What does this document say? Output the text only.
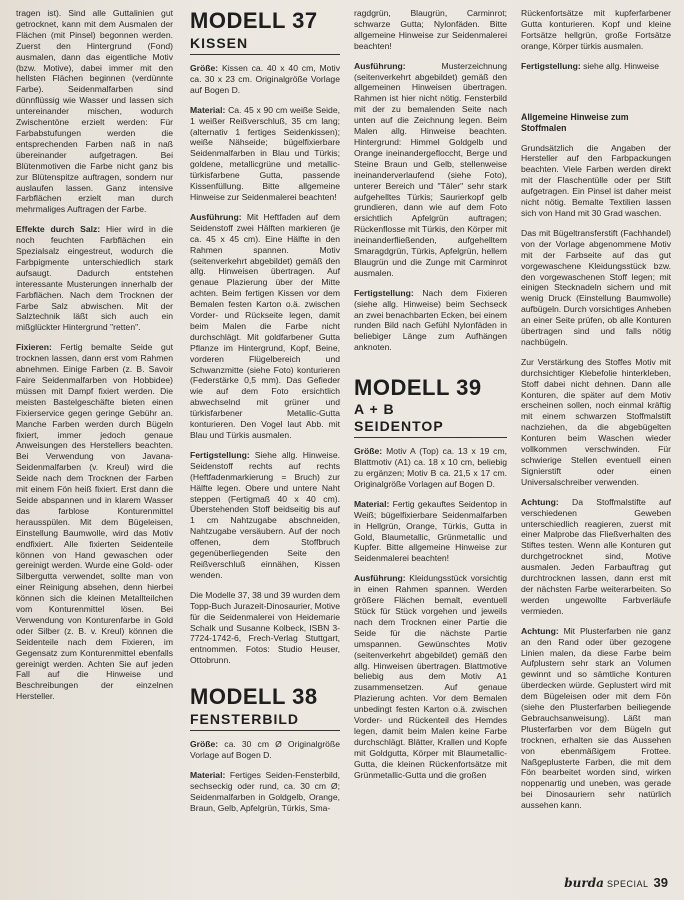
tragen ist). Sind alle Guttalinien gut getrocknet, kann mit dem Ausmalen der Flächen (mit Pinsel) begonnen werden. Zuerst den Hintergrund (Fond) ausmalen, dann das eigentliche Motiv (bzw. Motive), dabei immer mit den hellsten Flächen beginnen (verdünnte Farbe). Seidenmalfarben sind dünnflüssig wie Wasser und lassen sich untereinander mischen, wodurch Zwischentöne erzielt werden: Für Farbabstufungen werden die entsprechenden Farben naß in naß übereinander aufgetragen. Bei Blütenmotiven die Farbe nicht ganz bis zur Blütenspitze auftragen, sondern nur auslaufen lassen. Ganz intensive Farbflächen erzielt man durch mehrmaliges Auftragen der Farbe.

Effekte durch Salz: Hier wird in die noch feuchten Farbflächen ein Spezialsalz eingestreut, wodurch die Farbpigmente unterschiedlich stark aufsaugt. Dadurch entstehen interessante Musterungen innerhalb der Farbflächen. Nach dem Trocknen der Farbe Salz abwischen. Mit der Salztechnik läßt sich auch ein mißglückter Hintergrund "retten".

Fixieren: Fertig bemalte Seide gut trocknen lassen, dann erst vom Rahmen abnehmen. Einige Farben (z. B. Savoir Faire Seidenmalfarben von Hobbidee) müssen mit Dampf fixiert werden. Die meisten Bastelgeschäfte bieten einen Fixierservice gegen geringe Gebühr an. Manche Farben werden durch Bügeln fixiert, immer jedoch genaue Anweisungen des Herstellers beachten. Bei Verwendung von Javana-Seidenmalfarben (v. Kreul) wird die Seide nach dem Trocknen der Farben mit einem Fön heiß fixiert. Erst dann die Seide abspannen und in klarem Wasser das farblose Konturenmittel herausspülen. Mit dem Bügeleisen, Einstellung Baumwolle, wird das Motiv endfixiert. Alle fixierten Seidenteile können von Hand gewaschen oder gereinigt werden. Wurde eine Gold- oder Silbergutta verwendet, sollte man von einer Reinigung absehen, denn hierbei können sich die kleinen Metallteilchen vom Konturenmittel lösen. Bei Verwendung von Konturenfarbe in Gold oder Silber (z. B. v. Kreul) können die Seidenteile nach dem Fixieren, im Gegensatz zum Konturenmittel ebenfalls gereinigt werden. Achten Sie auf jeden Fall auf die Hinweise und Beschreibungen der einzelnen Hersteller.

MODELL 37
KISSEN

Größe: Kissen ca. 40 x 40 cm, Motiv ca. 30 x 23 cm. Originalgröße Vorlage auf Bogen D.

Material: Ca. 45 x 90 cm weiße Seide, 1 weißer Reißverschluß, 35 cm lang; (alternativ 1 fertiges Seidenkissen); weiße Nähseide; bügelfixierbare Seidenmalfarben in Blau und Türkis; goldene, metallicgrüne und metallic-türkisfarbene Gutta, passende Kissenfüllung. Bitte allgemeine Hinweise zur Seidenmalerei beachten!

Ausführung: Mit Heftfaden auf dem Seidenstoff zwei Hälften markieren (je ca. 45 x 45 cm). Eine Hälfte in den Rahmen spannen. Motiv (seitenverkehrt abgebildet) gemäß den allg. Hinweisen übertragen. Auf genaue Plazierung über der Mitte achten. Beim fertigen Kissen vor dem Bemalen festen Karton o.ä. zwischen Vorder- und Rückseite legen, damit beim Malen die Farbe nicht durchschlägt. Mit goldfarbener Gutta Pflanze im Hintergrund, Kopf, Beine, vorderen Flügelbereich und Schwanzmitte (siehe Foto) konturieren (Federstärke 0,5 mm). Das Gefieder wie auf dem Foto ersichtlich abwechselnd mit grüner und türkisfarbener Metallic-Gutta konturieren. Den Vogel laut Abb. mit Blau und Türkis ausmalen.

Fertigstellung: Siehe allg. Hinweise. Seidenstoff rechts auf rechts (Heftfadenmarkierung = Bruch) zur Hälfte legen. Obere und untere Naht steppen (Fertigmaß 40 x 40 cm). Überstehenden Stoff beidseitig bis auf 1 cm Nahtzugabe abschneiden, Nahtzugabe versäubern. Auf der noch offenen, dem Stoffbruch gegenüberliegenden Seite den Reißverschluß einnähen, Kissen wenden.

Die Modelle 37, 38 und 39 wurden dem Topp-Buch Jurazeit-Dinosaurier, Motive für die Seidenmalerei von Heidemarie Schalk und Susanne Kolbeck, ISBN 3-7724-1742-6, Frech-Verlag Stuttgart, entnommen. Fotos: Studio Heuser, Ottobrunn.

MODELL 38
FENSTERBILD

Größe: ca. 30 cm Ø Originalgröße Vorlage auf Bogen D.

Material: Fertiges Seiden-Fensterbild, sechseckig oder rund, ca. 30 cm Ø; Seidenmalfarben in Goldgelb, Orange, Braun, Gelb, Apfelgrün, Türkis, Sma-

ragdgrün, Blaugrün, Carminrot; schwarze Gutta; Nylonfäden. Bitte allgemeine Hinweise zur Seidenmalerei beachten!

Ausführung: Musterzeichnung (seitenverkehrt abgebildet) gemäß den allgemeinen Hinweisen übertragen. Rahmen ist hier nicht nötig. Fensterbild mit der zu bemalenden Seite nach unten auf die Zeichnung legen. Beim Malen allg. Hinweise beachten. Hintergrund: Himmel Goldgelb und Orange ineinandergefloccht, Berge und Steine Braun und Gelb, stellenweise ineinanderverlaufend (siehe Foto), unterer Bereich und "Täler" sehr stark aufgehelltes Türkis; Saurierkopf gelb grundieren, dann wie auf dem Foto ersichtlich Apfelgrün auftragen; Rückenflosse mit Türkis, den Körper mit ineinanderfließenden, aufgehelltem Smaragdgrün, Türkis, Apfelgrün, hellem Blaugrün und die Zunge mit Carminrot ausmalen.

Fertigstellung: Nach dem Fixieren (siehe allg. Hinweise) beim Sechseck an zwei benachbarten Ecken, bei einem runden Bild nach Gefühl Nylonfäden in beliebiger Länge zum Aufhängen anknoten.

MODELL 39
A + B
SEIDENTOP

Größe: Motiv A (Top) ca. 13 x 19 cm, Blattmotiv (A1) ca. 18 x 10 cm, beliebig zu ergänzen; Motiv B ca. 21,5 x 17 cm. Originalgröße Vorlagen auf Bogen D.

Material: Fertig gekauftes Seidentop in Weiß; bügelfixierbare Seidenmalfarben in Hellgrün, Orange, Türkis, Gutta in Gold, Blaumetallic, Grünmetallic und Kupfer. Bitte allgemeine Hinweise zur Seidenmalerei beachten!

Ausführung: Kleidungsstück vorsichtig in einen Rahmen spannen. Werden größere Flächen bemalt, eventuell Stück für Stück vorgehen und jeweils nach dem Trocknen einer Partie die Seide für die nächste Partie umspannen. Gewünschtes Motiv (seitenverkehrt abgebildet) gemäß den allg. Hinweisen übertragen. Blattmotive beliebig aus dem Motiv A1 zusammensetzen. Auf genaue Plazierung achten. Vor dem Bemalen unbedingt festen Karton o.ä. zwischen Vorder- und Rückenteil des Hemdes legen, damit beim Malen keine Farbe durchschlägt. Blätter, Krallen und Kopfe mit Goldgutta, Körper mit Blaumetallic-Gutta, die kleinen Rückenfortsätze mit Grünmetallic-Gutta und die großen

Rückenfortsätze mit kupferfarbener Gutta konturieren. Kopf und kleine Fortsätze hellgrün, große Fortsätze orange, Körper türkis ausmalen.

Fertigstellung: siehe allg. Hinweise

Allgemeine Hinweise zum Stoffmalen

Grundsätzlich die Angaben der Hersteller auf den Farbpackungen beachten. Viele Farben werden direkt mit der Flaschentülle oder per Stift aufgetragen. Ein Pinsel ist daher meist nicht nötig. Bemalte Textilien lassen sich von Hand mit 30 Grad waschen.

Das mit Bügeltransferstift (Fachhandel) von der Vorlage abgenommene Motiv mit der Farbseite auf das gut vorgewaschene Kleidungsstück bzw. den vorgewaschenen Stoff legen; mit einigen Stecknadeln sichern und mit wenig Druck (Einstellung Baumwolle) aufbügeln. Durch vorsichtiges Anheben an einer Seite prüfen, ob alle Konturen übertragen sind und falls nötig nachbügeln.

Zur Verstärkung des Stoffes Motiv mit durchsichtiger Klebefolie hinterkleben, Stoff dabei nicht dehnen. Dann alle Konturen, die später auf dem Motiv erscheinen sollen, noch einmal kräftig mit einem schwarzen Stoffmalstift nachziehen, da die abgebügelten Konturen beim Waschen wieder vollkommen verschwinden. Für schwierige Stellen eventuell einen Signierstift oder einen Universalschreiber verwenden.

Achtung: Da Stoffmalstifte auf verschiedenen Geweben unterschiedlich reagieren, zuerst mit einer Malprobe das Fließverhalten des Stiftes testen. Wenn alle Konturen gut durchgetrocknet sind, Motive ausmalen. Jeden Farbauftrag gut durchtrocknen lassen, dann erst mit der nächsten Farbe weiterarbeiten. So werden ungewollte Farbverläufe vermieden.

Achtung: Mit Plusterfarben nie ganz an den Rand oder über gezogene Linien malen, da diese Farbe beim Aufplustern sehr stark an Volumen gewinnt und so sämtliche Konturen überdecken würde. Geplustert wird mit dem Bügeleisen oder mit dem Fön (siehe den Plusterfarben beiliegende Gebrauchsanweisung). Läßt man Plusterfarben vor dem Bügeln gut trocknen, erhalten sie das Aussehen von ebenmäßigem Frottee. Naßgeplusterte Farben, die mit dem Fön bearbeitet worden sind, wirken noppenartig und uneben, was gerade bei Dinosauriern sehr natürlich aussehen kann.

burda SPECIAL 39
